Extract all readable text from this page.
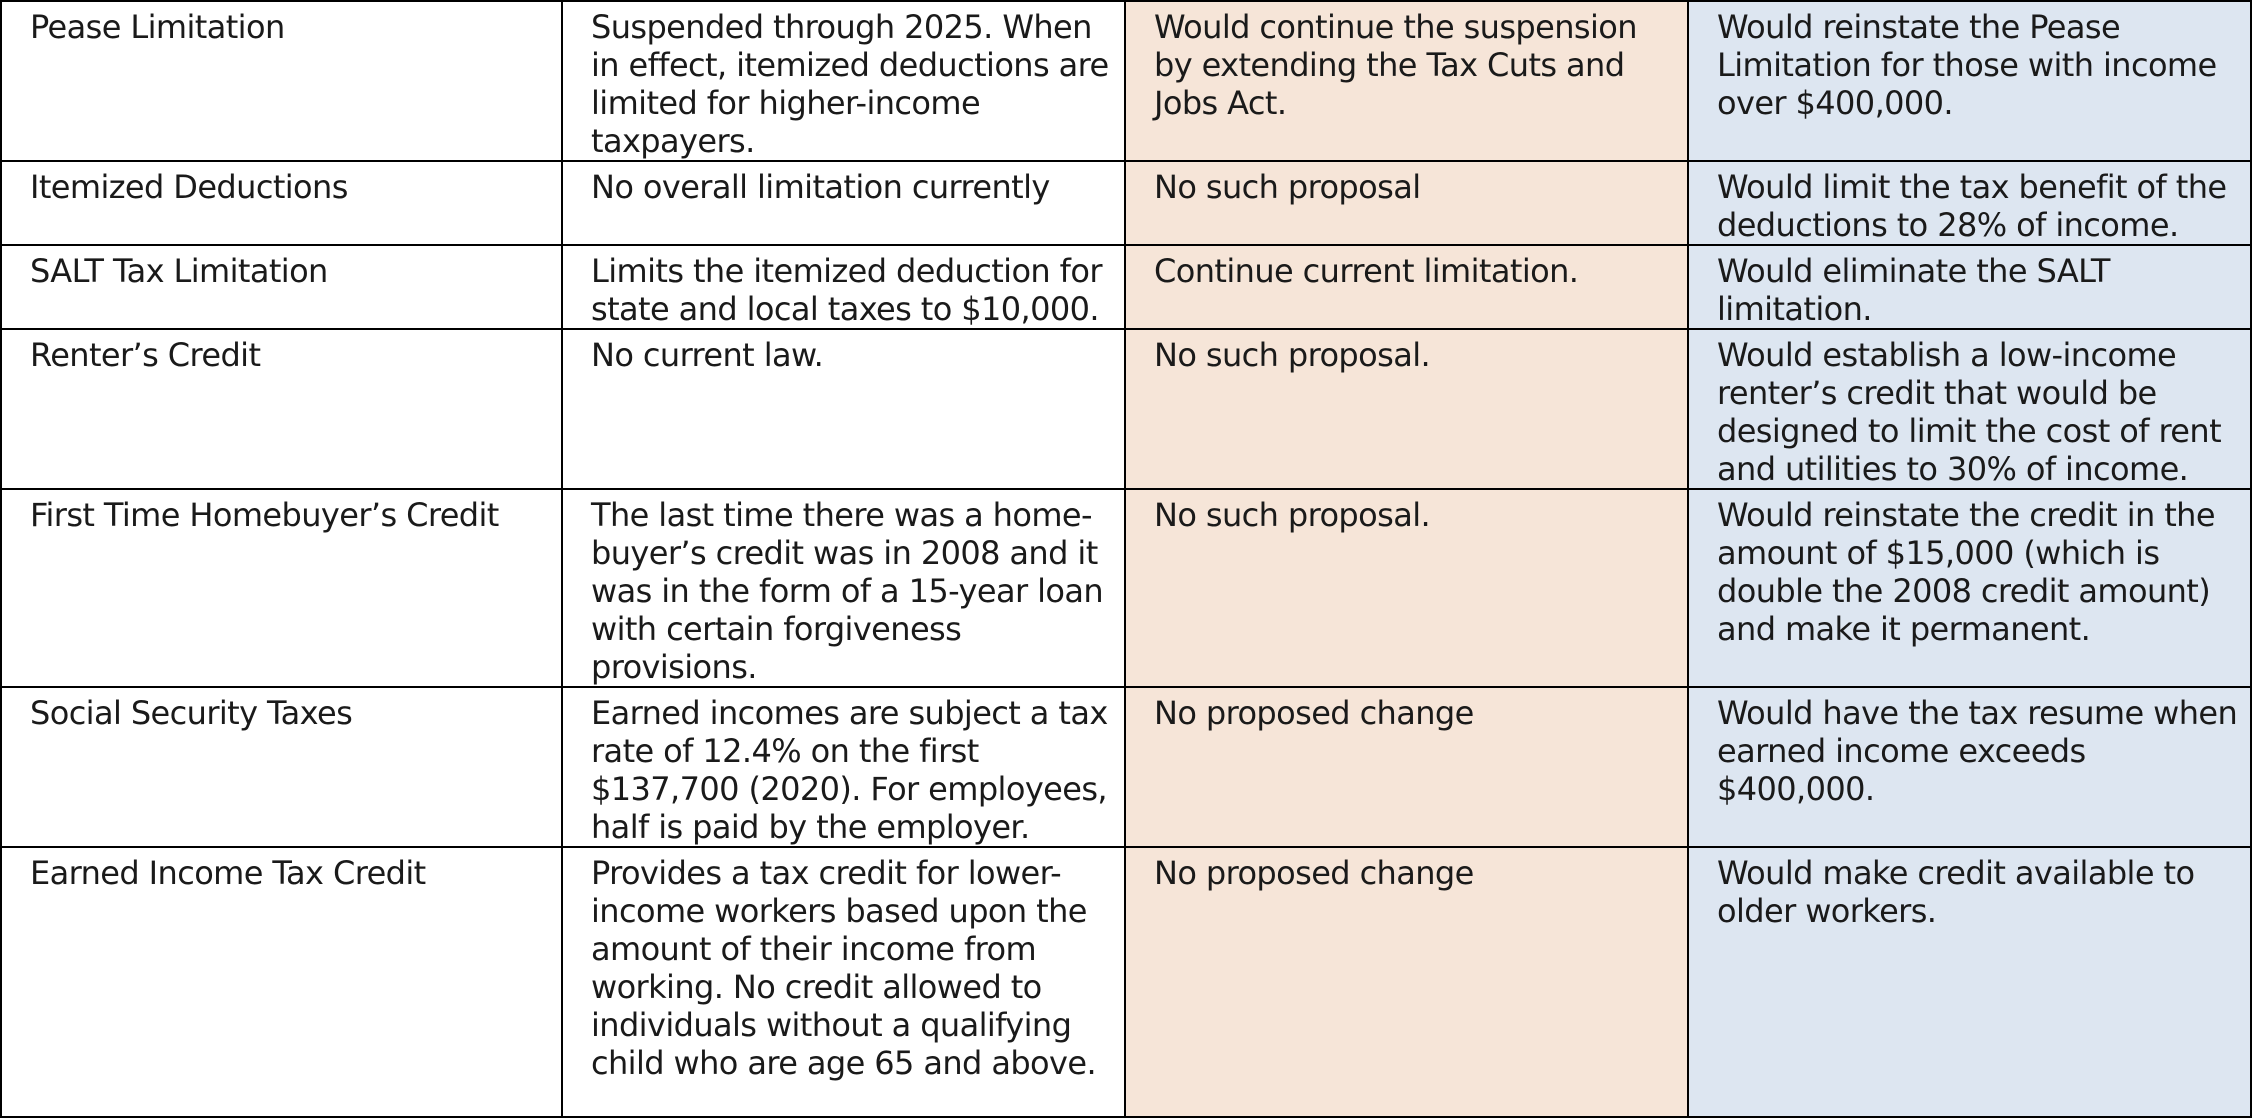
Pease Limitation	Suspended through 2025. When in effect, itemized deductions are limited for higher-income taxpayers.	Would continue the suspension by extending the Tax Cuts and Jobs Act.	Would reinstate the Pease Limitation for those with income over $400,000.
Itemized Deductions	No overall limitation currently	No such proposal	Would limit the tax benefit of the deductions to 28% of income.
SALT Tax Limitation	Limits the itemized deduction for state and local taxes to $10,000.	Continue current limitation.	Would eliminate the SALT limitation.
Renter’s Credit	No current law.	No such proposal.	Would establish a low-income renter’s credit that would be designed to limit the cost of rent and utilities to 30% of income.
First Time Homebuyer’s Credit	The last time there was a home-buyer’s credit was in 2008 and it was in the form of a 15-year loan with certain forgiveness provisions.	No such proposal.	Would reinstate the credit in the amount of $15,000 (which is double the 2008 credit amount) and make it permanent.
Social Security Taxes	Earned incomes are subject a tax rate of 12.4% on the first $137,700 (2020). For employees, half is paid by the employer.	No proposed change	Would have the tax resume when earned income exceeds $400,000.
Earned Income Tax Credit	Provides a tax credit for lower-income workers based upon the amount of their income from working. No credit allowed to individuals without a qualifying child who are age 65 and above.	No proposed change	Would make credit available to older workers.
